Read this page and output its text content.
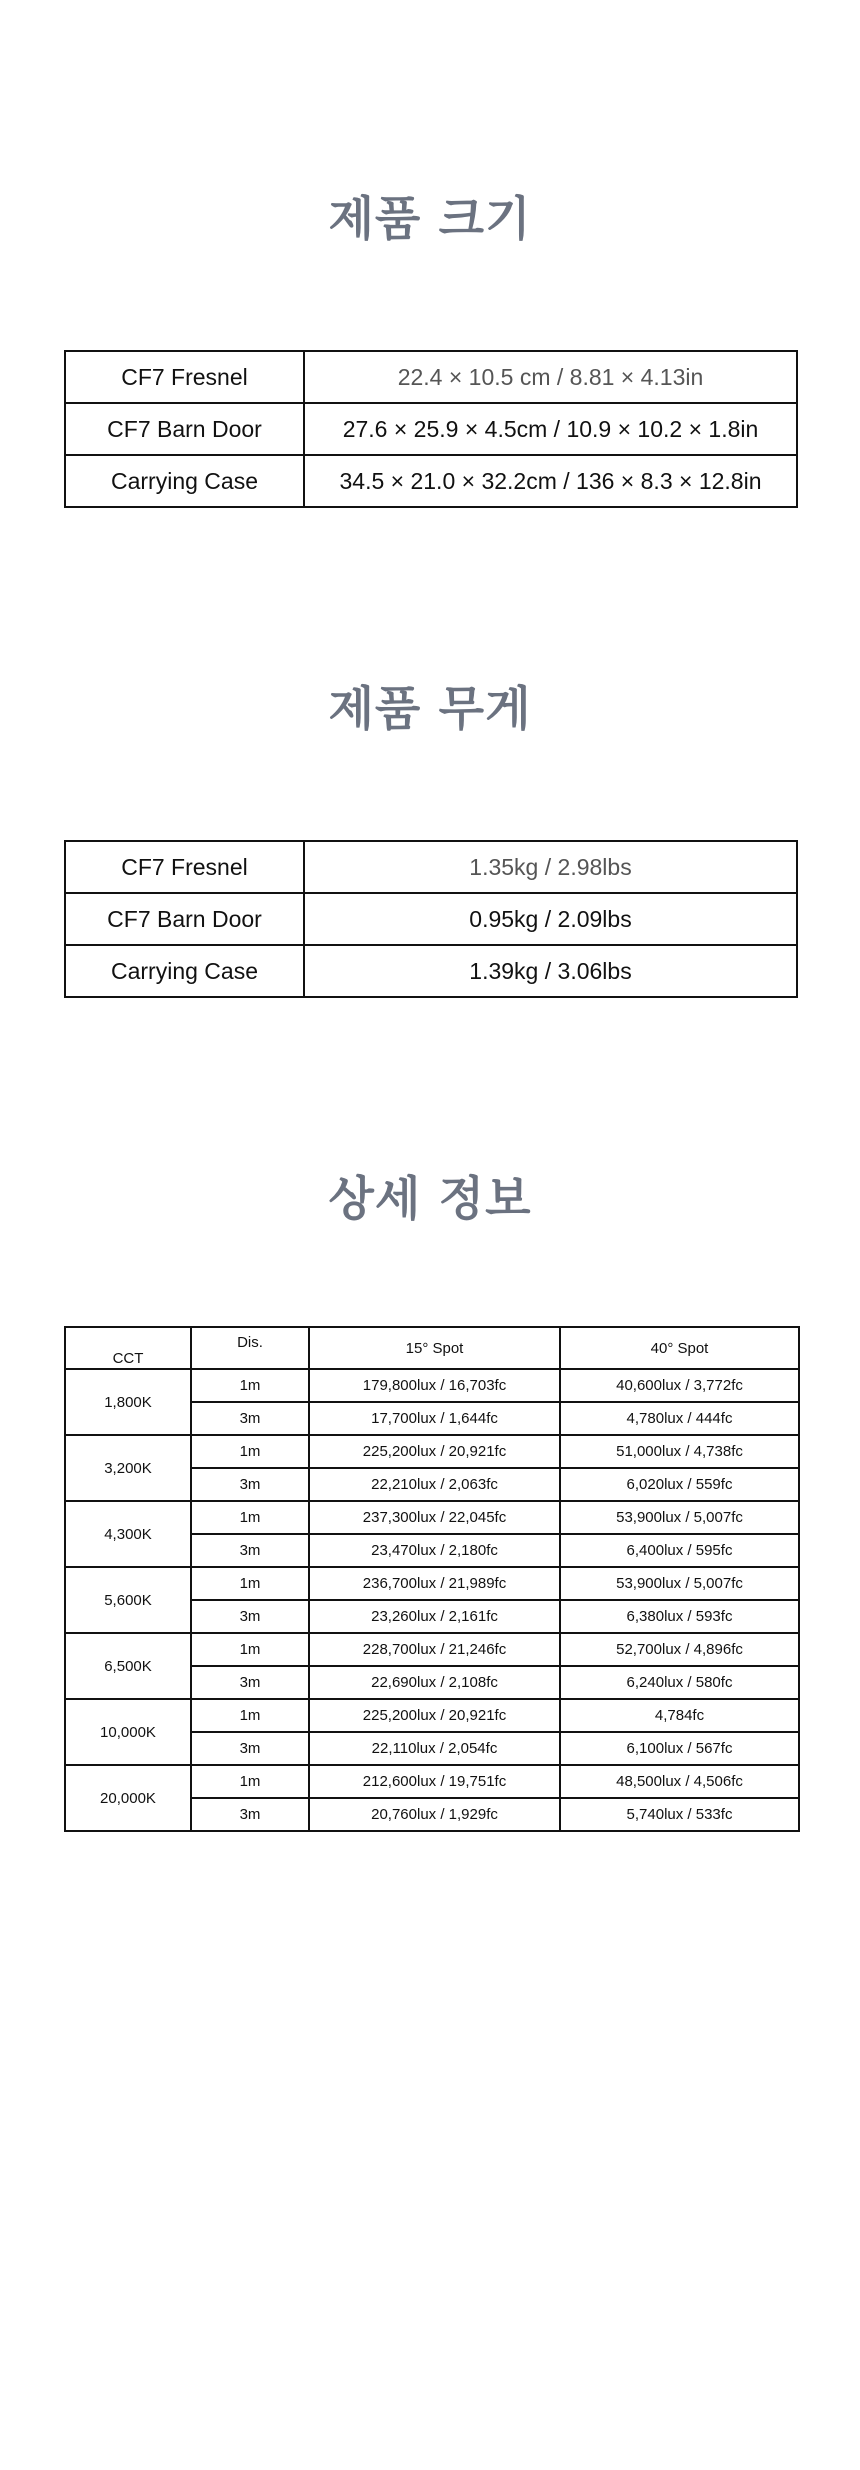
제품 크기
CF7 Fresnel	22.4 × 10.5 cm / 8.81 × 4.13in
CF7 Barn Door	27.6 × 25.9 × 4.5cm / 10.9 × 10.2 × 1.8in
Carrying Case	34.5 × 21.0 × 32.2cm / 136 × 8.3 × 12.8in
제품 무게
CF7 Fresnel	1.35kg / 2.98lbs
CF7 Barn Door	0.95kg / 2.09lbs
Carrying Case	1.39kg / 3.06lbs
상세 정보
CCT	Dis.	15° Spot	40° Spot
1,800K	1m	179,800lux / 16,703fc	40,600lux / 3,772fc
	3m	17,700lux / 1,644fc	4,780lux / 444fc
3,200K	1m	225,200lux / 20,921fc	51,000lux / 4,738fc
	3m	22,210lux / 2,063fc	6,020lux / 559fc
4,300K	1m	237,300lux / 22,045fc	53,900lux / 5,007fc
	3m	23,470lux / 2,180fc	6,400lux / 595fc
5,600K	1m	236,700lux / 21,989fc	53,900lux / 5,007fc
	3m	23,260lux / 2,161fc	6,380lux / 593fc
6,500K	1m	228,700lux / 21,246fc	52,700lux / 4,896fc
	3m	22,690lux / 2,108fc	6,240lux / 580fc
10,000K	1m	225,200lux / 20,921fc	4,784fc
	3m	22,110lux / 2,054fc	6,100lux / 567fc
20,000K	1m	212,600lux / 19,751fc	48,500lux / 4,506fc
	3m	20,760lux / 1,929fc	5,740lux / 533fc
